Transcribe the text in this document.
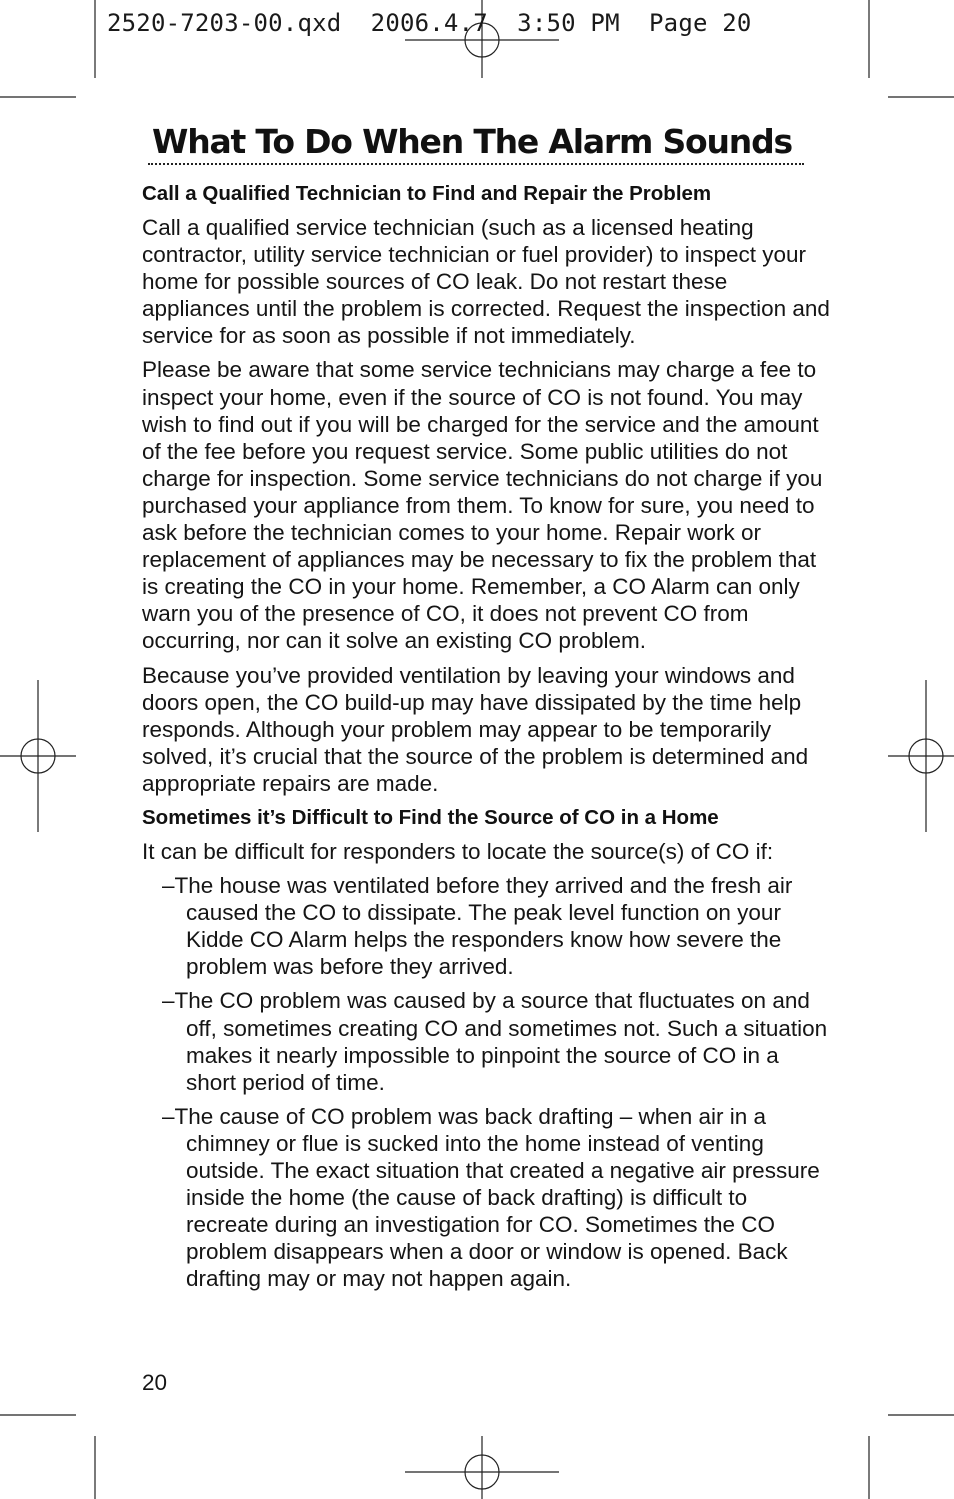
2520-7203-00.qxd  2006.4.7  3:50 PM  Page 20
What To Do When The Alarm Sounds
Call a Qualified Technician to Find and Repair the Problem

Call a qualified service technician (such as a licensed heating contractor, utility service technician or fuel provider) to inspect your home for possible sources of CO leak. Do not restart these appliances until the problem is corrected. Request the inspection and service for as soon as possible if not immediately.

Please be aware that some service technicians may charge a fee to inspect your home, even if the source of CO is not found. You may wish to find out if you will be charged for the service and the amount of the fee before you request service. Some public utilities do not charge for inspection. Some service technicians do not charge if you purchased your appliance from them. To know for sure, you need to ask before the technician comes to your home. Repair work or replacement of appliances may be necessary to fix the problem that is creating the CO in your home. Remember, a CO Alarm can only warn you of the presence of CO, it does not prevent CO from occurring, nor can it solve an existing CO problem.

Because you’ve provided ventilation by leaving your windows and doors open, the CO build-up may have dissipated by the time help responds. Although your problem may appear to be temporarily solved, it’s crucial that the source of the problem is determined and appropriate repairs are made.

Sometimes it’s Difficult to Find the Source of CO in a Home

It can be difficult for responders to locate the source(s) of CO if:

–The house was ventilated before they arrived and the fresh air caused the CO to dissipate. The peak level function on your Kidde CO Alarm helps the responders know how severe the problem was before they arrived.
–The CO problem was caused by a source that fluctuates on and off, sometimes creating CO and sometimes not. Such a situation makes it nearly impossible to pinpoint the source of CO in a short period of time.
–The cause of CO problem was back drafting – when air in a chimney or flue is sucked into the home instead of venting outside. The exact situation that created a negative air pressure inside the home (the cause of back drafting) is difficult to recreate during an investigation for CO. Sometimes the CO problem disappears when a door or window is opened. Back drafting may or may not happen again.
20
